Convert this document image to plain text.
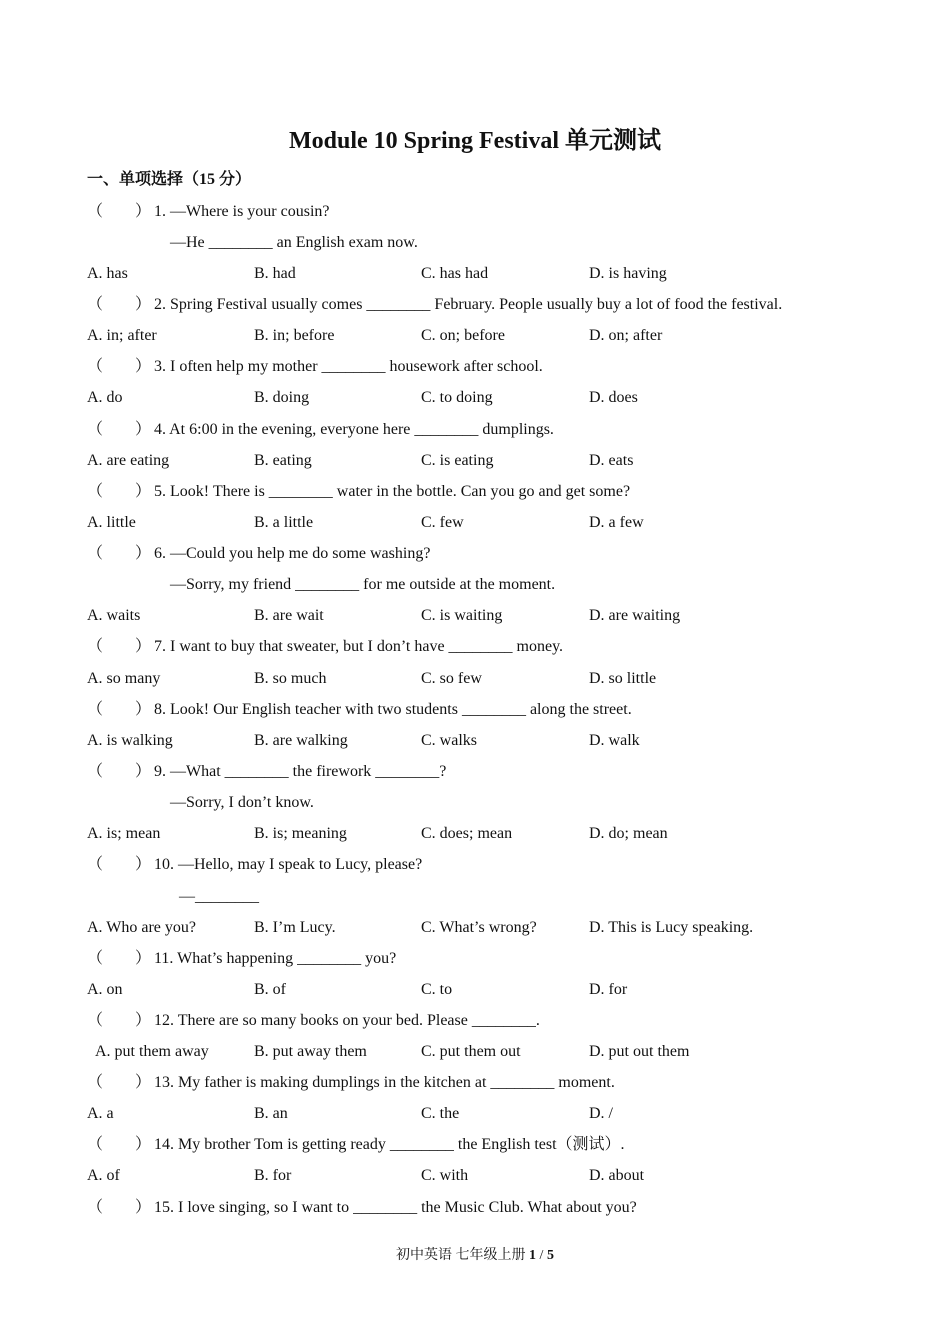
Module 10 Spring Festival 单元测试
一、单项选择（15 分）
（　　） 1. —Where is your cousin?
—He ________ an English exam now.
A. has	B. had	C. has had	D. is having
（　　） 2. Spring Festival usually comes ________ February. People usually buy a lot of food the festival.
A. in; after	B. in; before	C. on; before	D. on; after
（　　） 3. I often help my mother ________ housework after school.
A. do	B. doing	C. to doing	D. does
（　　） 4. At 6:00 in the evening, everyone here ________ dumplings.
A. are eating	B. eating	C. is eating	D. eats
（　　） 5. Look! There is ________ water in the bottle. Can you go and get some?
A. little	B. a little	C. few	D. a few
（　　） 6. —Could you help me do some washing?
—Sorry, my friend ________ for me outside at the moment.
A. waits	B. are wait	C. is waiting	D. are waiting
（　　） 7. I want to buy that sweater, but I don’t have ________ money.
A. so many	B. so much	C. so few	D. so little
（　　） 8. Look! Our English teacher with two students ________ along the street.
A. is walking	B. are walking	C. walks	D. walk
（　　） 9. —What ________ the firework ________?
—Sorry, I don’t know.
A. is; mean	B. is; meaning	C. does; mean	D. do; mean
（　　） 10. —Hello, may I speak to Lucy, please?
—________
A. Who are you?	B. I’m Lucy.	C. What’s wrong?	D. This is Lucy speaking.
（　　） 11. What’s happening ________ you?
A. on	B. of	C. to	D. for
（　　） 12. There are so many books on your bed. Please ________.
A. put them away	B. put away them	C. put them out	D. put out them
（　　） 13. My father is making dumplings in the kitchen at ________ moment.
A. a	B. an	C. the	D. /
（　　） 14. My brother Tom is getting ready ________ the English test（测试）.
A. of	B. for	C. with	D. about
（　　） 15. I love singing, so I want to ________ the Music Club. What about you?
初中英语 七年级上册 1 / 5
